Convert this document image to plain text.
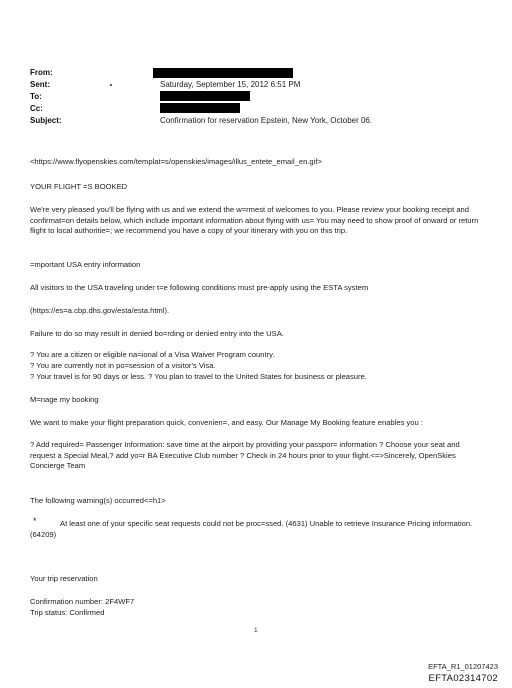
From:
Sent:	Saturday, September 15, 2012 6:51 PM
To:
Cc:
Subject:	Confirmation for reservation Epstein, New York, October 06.

<https://www.flyopenskies.com/templat=s/openskies/images/illus_entete_email_en.gif>

YOUR FLIGHT =S BOOKED

We're very pleased you'll be flying with us and we extend the w=rmest of welcomes to you. Please review your booking receipt and confirmat=on details below, which include important information about flying with us= You may need to show proof of onward or return flight to local authoritie=; we recommend you have a copy of your itinerary with you on this trip.

=mportant USA entry information

All visitors to the USA traveling under t=e following conditions must pre-apply using the ESTA system

(https://es=a.cbp.dhs.gov/esta/esta.html).

Failure to do so may result in denied bo=rding or denied entry into the USA.

? You are a citizen or eligible na=ional of a Visa Waiver Program country.

? You are currently not in po=session of a visitor's Visa.

? Your travel is for 90 days or less. ? You plan to travel to the United States for business or pleasure.

M=nage my booking

We want to make your flight preparation quick, convenien=, and easy. Our Manage My Booking feature enables you :

? Add required= Passenger Information: save time at the airport by providing your passpor= information ? Choose your seat and request a Special Meal,? add yo=r BA Executive Club number ? Check in 24 hours prior to your flight.<=>Sincerely, OpenSkies Concierge Team

The following warning(s) occurred<=h1>

*	At least one of your specific seat requests could not be proc=ssed. (4631) Unable to retrieve Insurance Pricing information. (64209)

Your trip reservation

Confirmation number: 2F4WF7

Trip status: Confirmed

1
EFTA_R1_01207423
EFTA02314702
